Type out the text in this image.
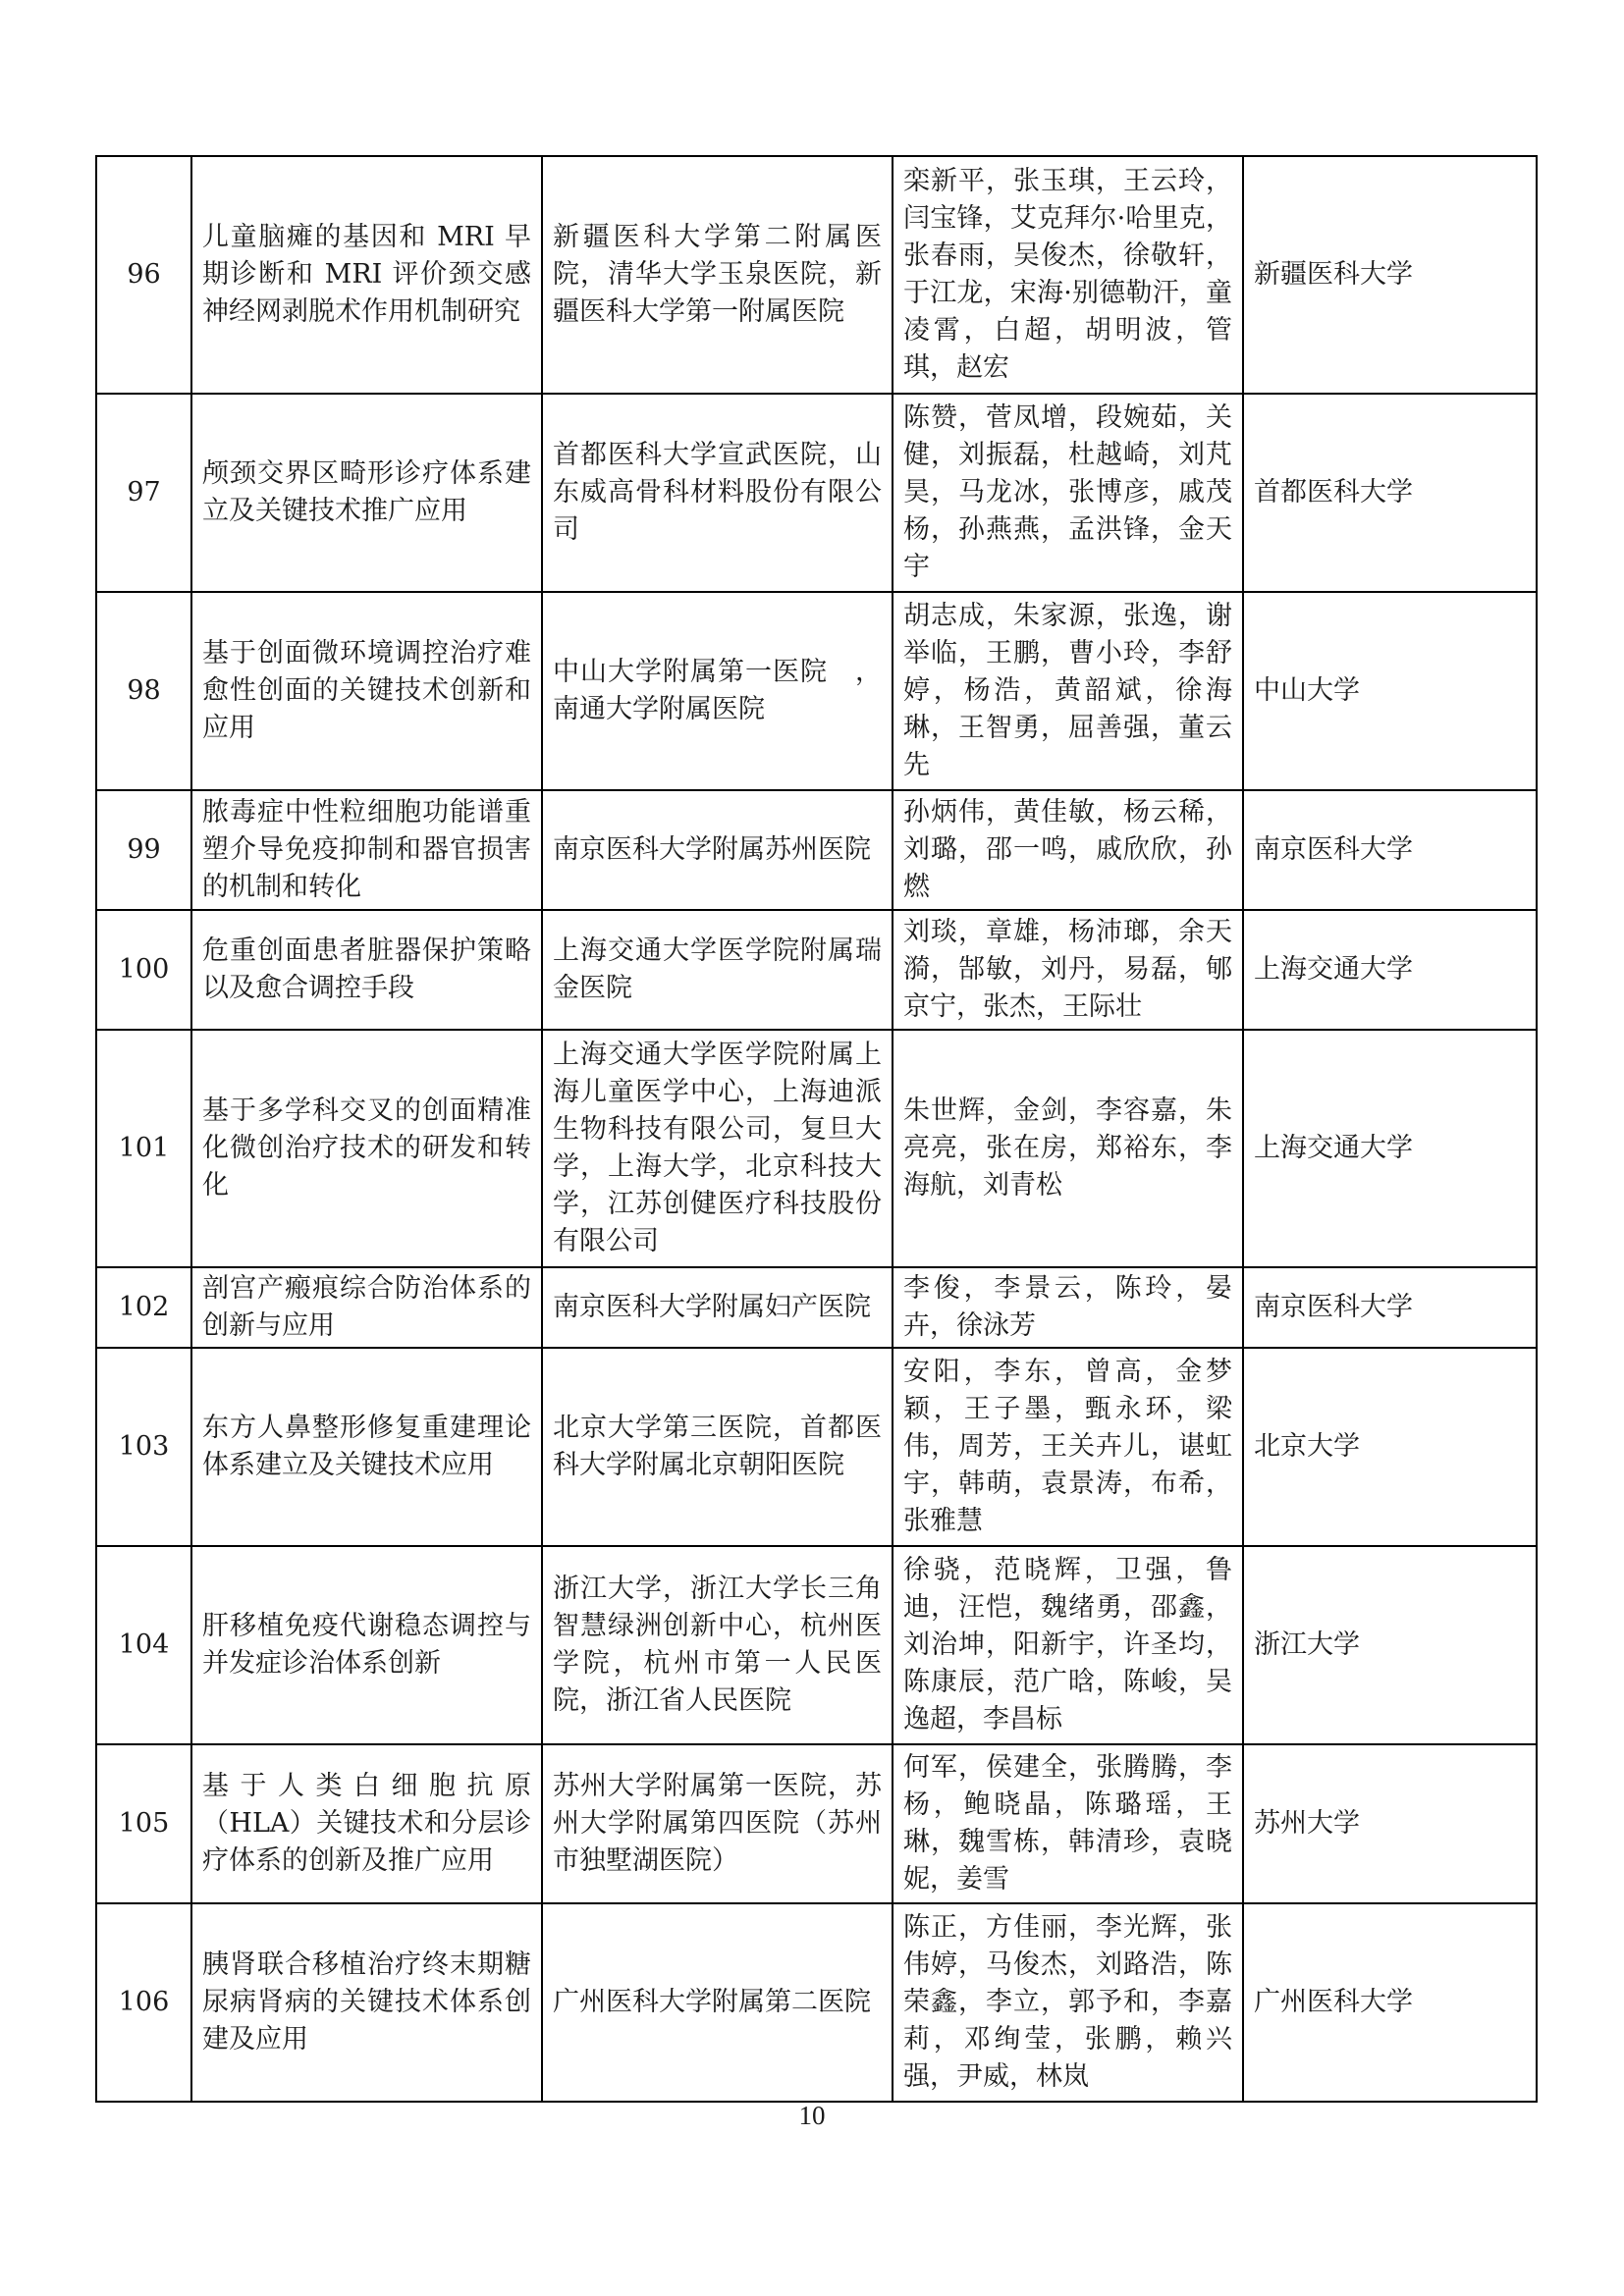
96	儿童脑瘫的基因和 MRI 早期诊断和 MRI 评价颈交感神经网剥脱术作用机制研究	新疆医科大学第二附属医院，清华大学玉泉医院，新疆医科大学第一附属医院	栾新平，张玉琪，王云玲，闫宝锋，艾克拜尔·哈里克，张春雨，吴俊杰，徐敬轩，于江龙，宋海·别德勒汗，童凌霄，白超，胡明波，管琪，赵宏	新疆医科大学

97	颅颈交界区畸形诊疗体系建立及关键技术推广应用	首都医科大学宣武医院，山东威高骨科材料股份有限公司	陈赞，菅凤增，段婉茹，关健，刘振磊，杜越崎，刘芃昊，马龙冰，张博彦，戚茂杨，孙燕燕，孟洪锋，金天宇	首都医科大学

98	基于创面微环境调控治疗难愈性创面的关键技术创新和应用	中山大学附属第一医院　，南通大学附属医院	胡志成，朱家源，张逸，谢举临，王鹏，曹小玲，李舒婷，杨浩，黄韶斌，徐海琳，王智勇，屈善强，董云先	中山大学

99	脓毒症中性粒细胞功能谱重塑介导免疫抑制和器官损害的机制和转化	南京医科大学附属苏州医院	孙炳伟，黄佳敏，杨云稀，刘璐，邵一鸣，戚欣欣，孙燃	南京医科大学

100	危重创面患者脏器保护策略以及愈合调控手段	上海交通大学医学院附属瑞金医院	刘琰，章雄，杨沛瑯，余天漪，郜敏，刘丹，易磊，郇京宁，张杰，王际壮	上海交通大学

101	基于多学科交叉的创面精准化微创治疗技术的研发和转化	上海交通大学医学院附属上海儿童医学中心，上海迪派生物科技有限公司，复旦大学，上海大学，北京科技大学，江苏创健医疗科技股份有限公司	朱世辉，金剑，李容嘉，朱亮亮，张在房，郑裕东，李海航，刘青松	上海交通大学

102	剖宫产瘢痕综合防治体系的创新与应用	南京医科大学附属妇产医院	李俊，李景云，陈玲，晏卉，徐泳芳	南京医科大学

103	东方人鼻整形修复重建理论体系建立及关键技术应用	北京大学第三医院，首都医科大学附属北京朝阳医院	安阳，李东，曾高，金梦颖，王子墨，甄永环，梁伟，周芳，王关卉儿，谌虹宇，韩萌，袁景涛，布希，张雅慧	北京大学

104	肝移植免疫代谢稳态调控与并发症诊治体系创新	浙江大学，浙江大学长三角智慧绿洲创新中心，杭州医学院，杭州市第一人民医院，浙江省人民医院	徐骁，范晓辉，卫强，鲁迪，汪恺，魏绪勇，邵鑫，刘治坤，阳新宇，许圣均，陈康辰，范广晗，陈峻，吴逸超，李昌标	浙江大学

105	基于人类白细胞抗原（HLA）关键技术和分层诊疗体系的创新及推广应用	苏州大学附属第一医院，苏州大学附属第四医院（苏州市独墅湖医院）	何军，侯建全，张腾腾，李杨，鲍晓晶，陈璐瑶，王琳，魏雪栋，韩清珍，袁晓妮，姜雪	苏州大学

106	胰肾联合移植治疗终末期糖尿病肾病的关键技术体系创建及应用	广州医科大学附属第二医院	陈正，方佳丽，李光辉，张伟婷，马俊杰，刘路浩，陈荣鑫，李立，郭予和，李嘉莉，邓绚莹，张鹏，赖兴强，尹威，林岚	广州医科大学
10
